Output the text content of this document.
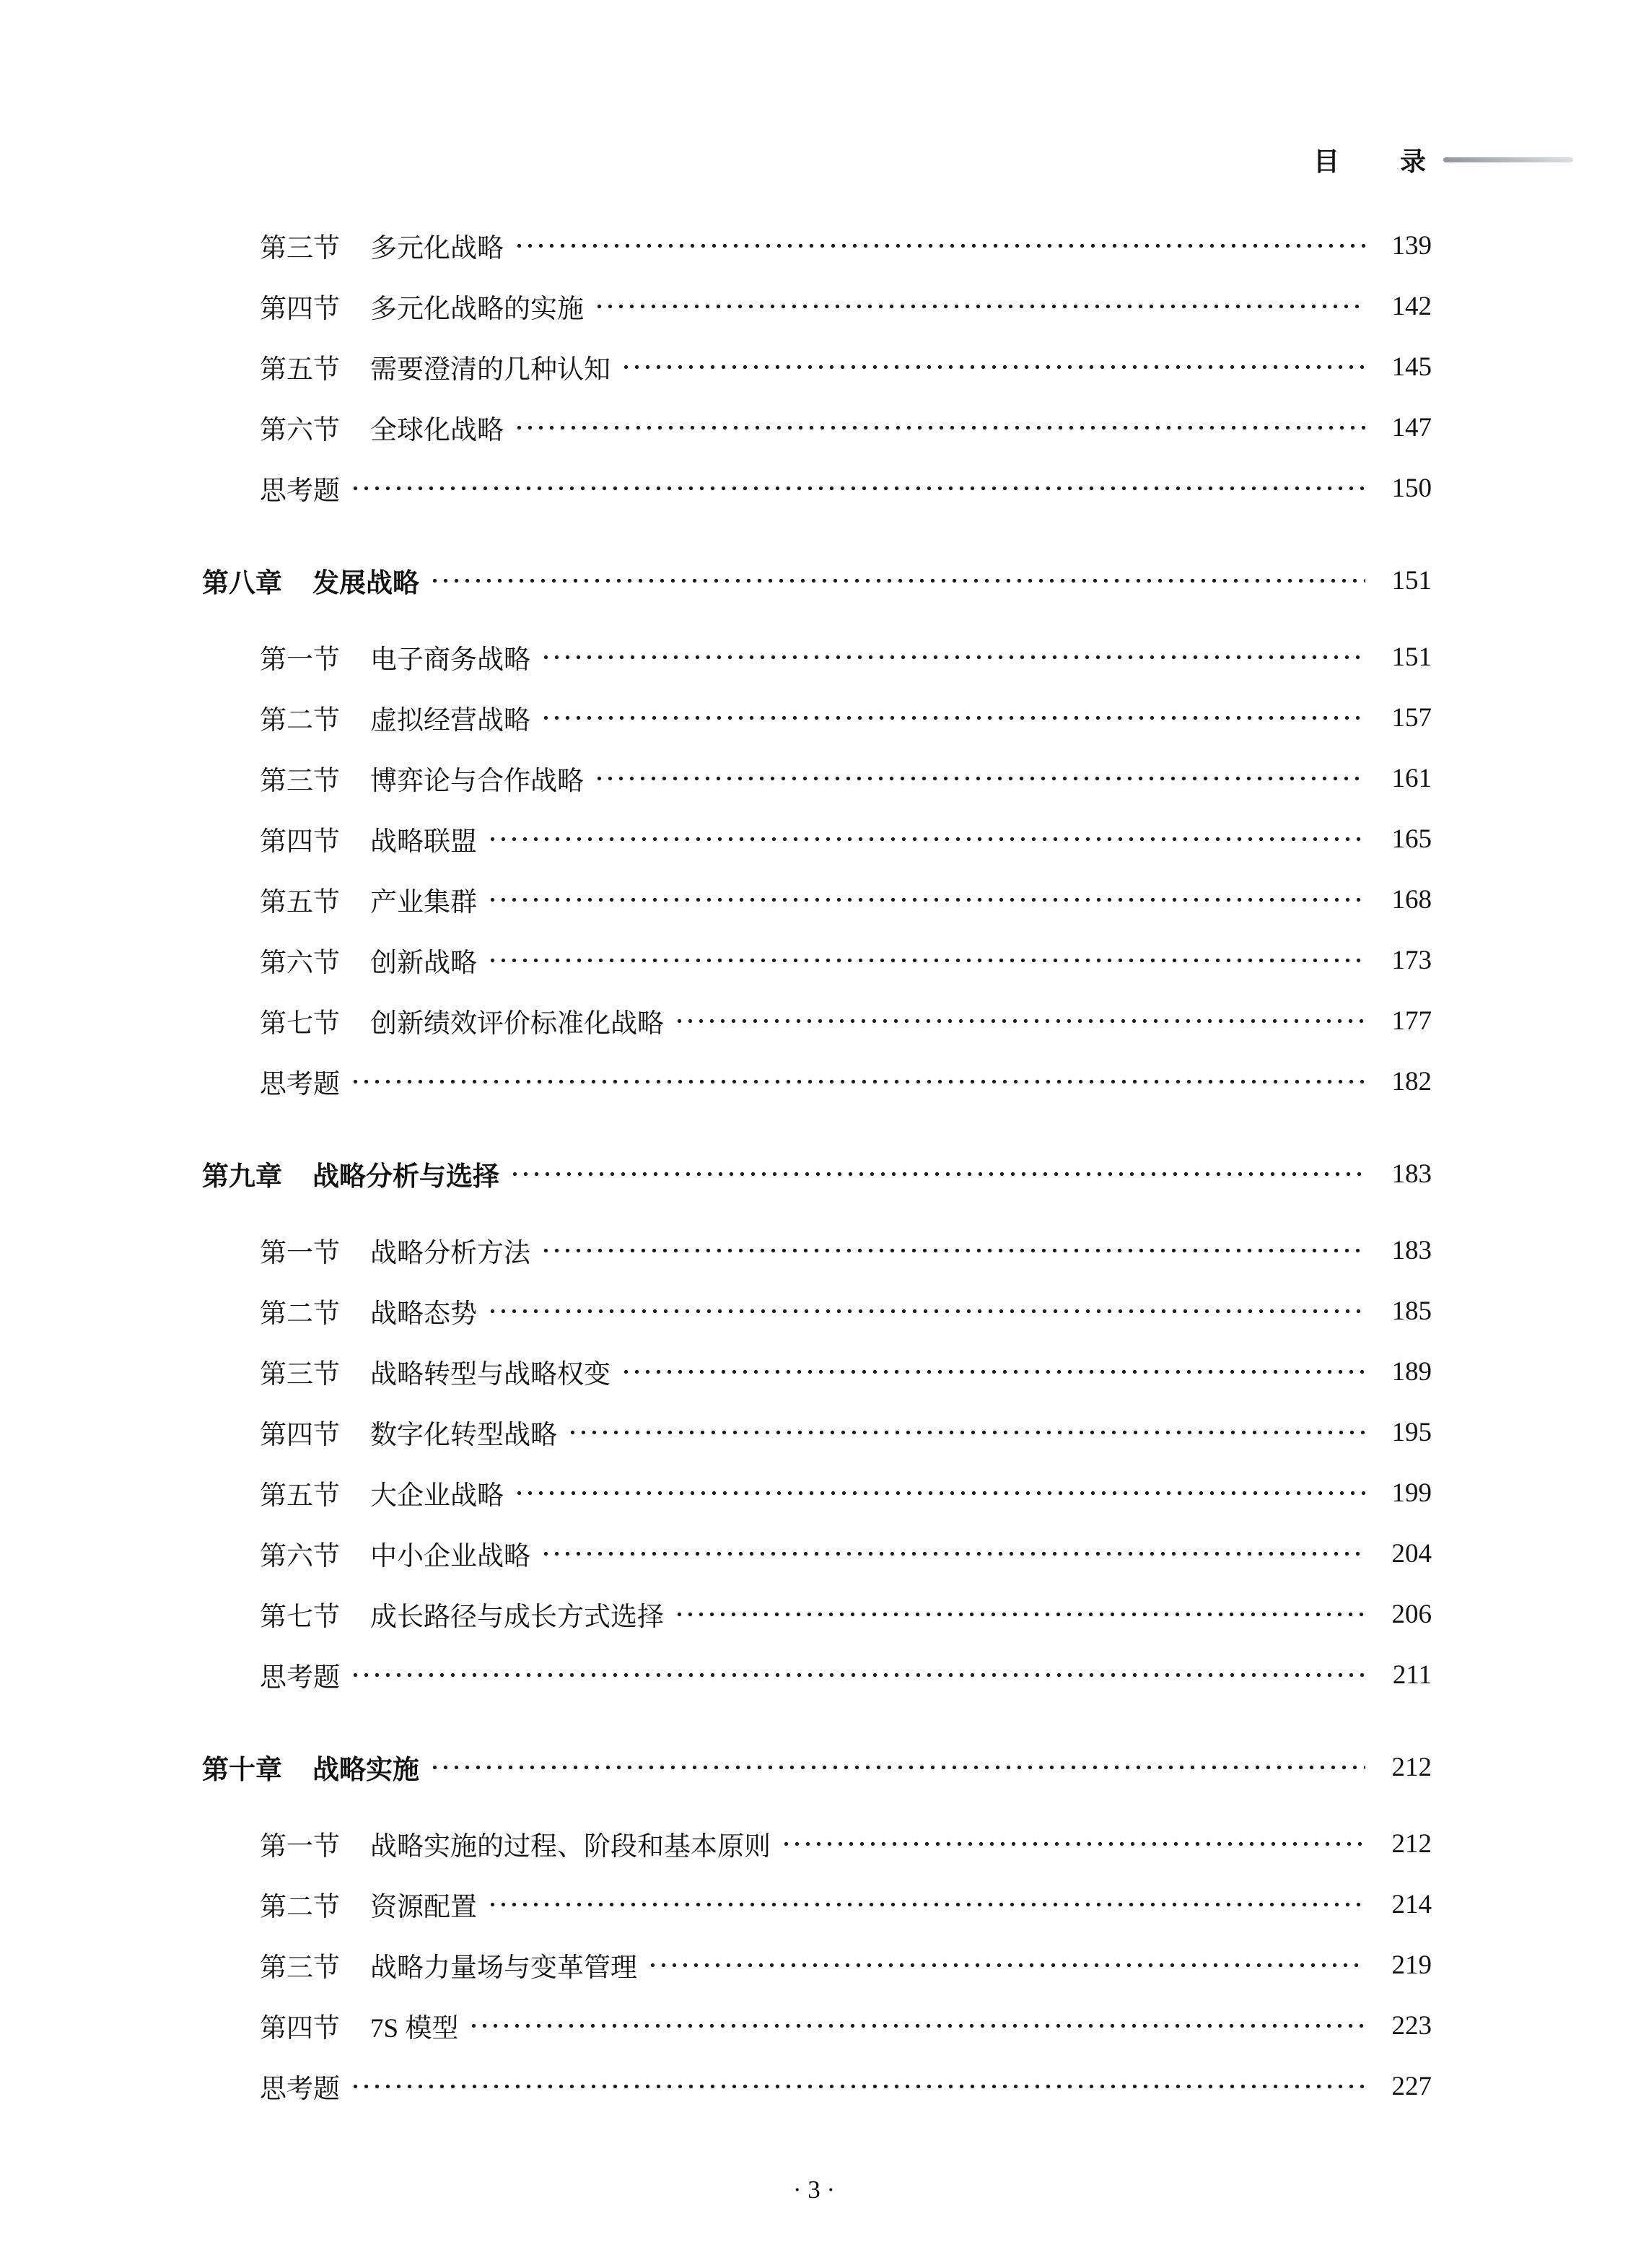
目　　录
第三节 多元化战略	139
第四节 多元化战略的实施	142
第五节 需要澄清的几种认知	145
第六节 全球化战略	147
思考题	150
第八章 发展战略	151
第一节 电子商务战略	151
第二节 虚拟经营战略	157
第三节 博弈论与合作战略	161
第四节 战略联盟	165
第五节 产业集群	168
第六节 创新战略	173
第七节 创新绩效评价标准化战略	177
思考题	182
第九章 战略分析与选择	183
第一节 战略分析方法	183
第二节 战略态势	185
第三节 战略转型与战略权变	189
第四节 数字化转型战略	195
第五节 大企业战略	199
第六节 中小企业战略	204
第七节 成长路径与成长方式选择	206
思考题	211
第十章 战略实施	212
第一节 战略实施的过程、阶段和基本原则	212
第二节 资源配置	214
第三节 战略力量场与变革管理	219
第四节 7S 模型	223
思考题	227
· 3 ·
